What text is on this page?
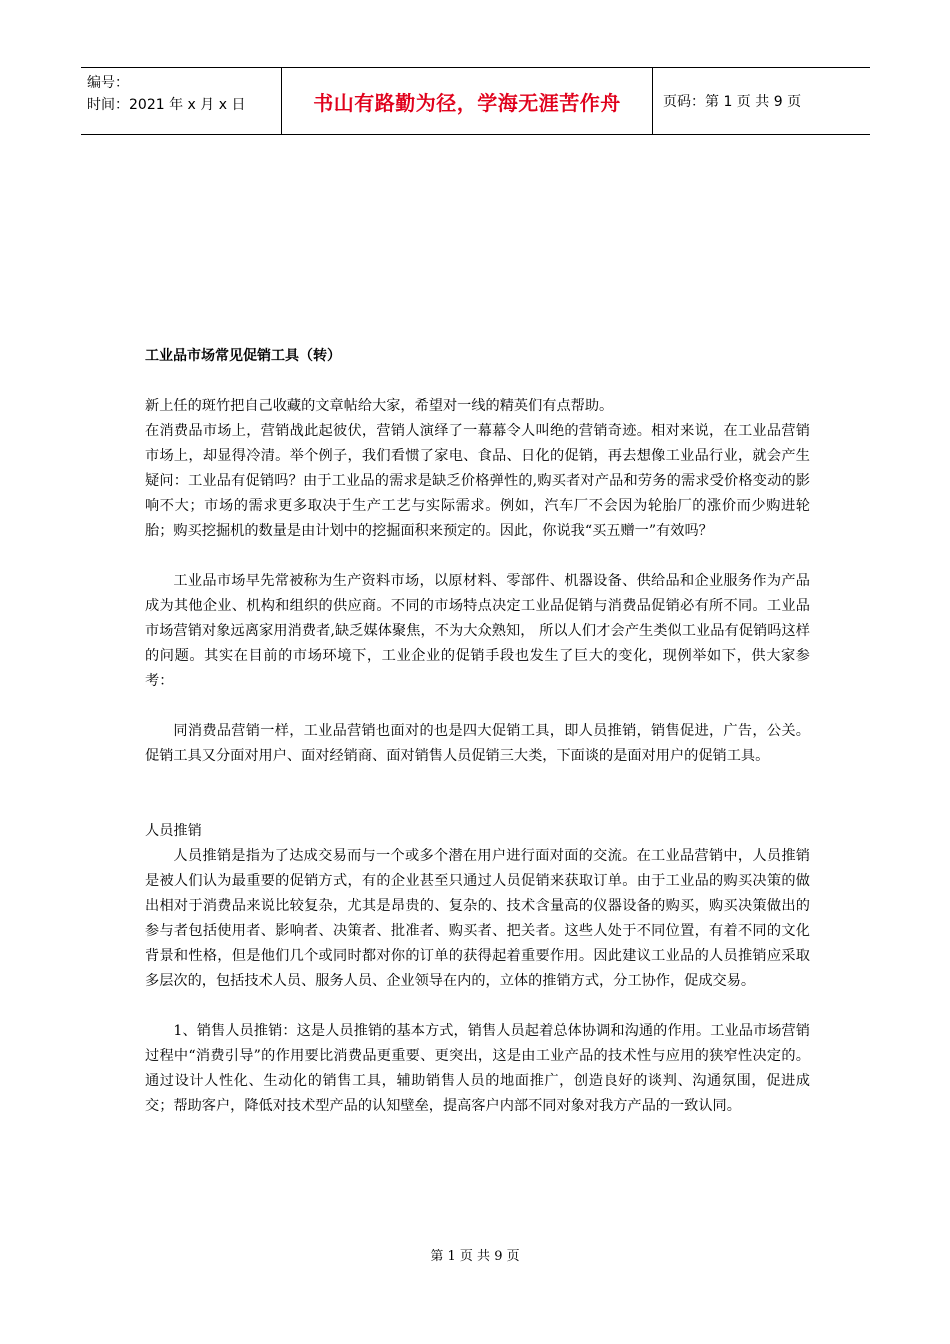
编号：
时间：2021 年 x 月 x 日	书山有路勤为径，学海无涯苦作舟	页码：第 1 页 共 9 页

工业品市场常见促销工具（转）

新上任的斑竹把自己收藏的文章帖给大家，希望对一线的精英们有点帮助。

在消费品市场上，营销战此起彼伏，营销人演绎了一幕幕令人叫绝的营销奇迹。相对来说，在工业品营销市场上，却显得冷清。举个例子，我们看惯了家电、食品、日化的促销，再去想像工业品行业，就会产生疑问：工业品有促销吗？由于工业品的需求是缺乏价格弹性的,购买者对产品和劳务的需求受价格变动的影响不大；市场的需求更多取决于生产工艺与实际需求。例如，汽车厂不会因为轮胎厂的涨价而少购进轮胎；购买挖掘机的数量是由计划中的挖掘面积来预定的。因此，你说我“买五赠一”有效吗？

工业品市场早先常被称为生产资料市场，以原材料、零部件、机器设备、供给品和企业服务作为产品成为其他企业、机构和组织的供应商。不同的市场特点决定工业品促销与消费品促销必有所不同。工业品市场营销对象远离家用消费者,缺乏媒体聚焦，不为大众熟知， 所以人们才会产生类似工业品有促销吗这样的问题。其实在目前的市场环境下，工业企业的促销手段也发生了巨大的变化，现例举如下，供大家参考：

同消费品营销一样，工业品营销也面对的也是四大促销工具，即人员推销，销售促进，广告，公关。促销工具又分面对用户、面对经销商、面对销售人员促销三大类，下面谈的是面对用户的促销工具。

人员推销

人员推销是指为了达成交易而与一个或多个潜在用户进行面对面的交流。在工业品营销中，人员推销是被人们认为最重要的促销方式，有的企业甚至只通过人员促销来获取订单。由于工业品的购买决策的做出相对于消费品来说比较复杂，尤其是昂贵的、复杂的、技术含量高的仪器设备的购买，购买决策做出的参与者包括使用者、影响者、决策者、批准者、购买者、把关者。这些人处于不同位置，有着不同的文化背景和性格，但是他们几个或同时都对你的订单的获得起着重要作用。因此建议工业品的人员推销应采取多层次的，包括技术人员、服务人员、企业领导在内的，立体的推销方式，分工协作，促成交易。

1、销售人员推销：这是人员推销的基本方式，销售人员起着总体协调和沟通的作用。工业品市场营销过程中“消费引导”的作用要比消费品更重要、更突出，这是由工业产品的技术性与应用的狭窄性决定的。通过设计人性化、生动化的销售工具，辅助销售人员的地面推广，创造良好的谈判、沟通氛围，促进成交；帮助客户，降低对技术型产品的认知壁垒，提高客户内部不同对象对我方产品的一致认同。

第 1 页 共 9 页
